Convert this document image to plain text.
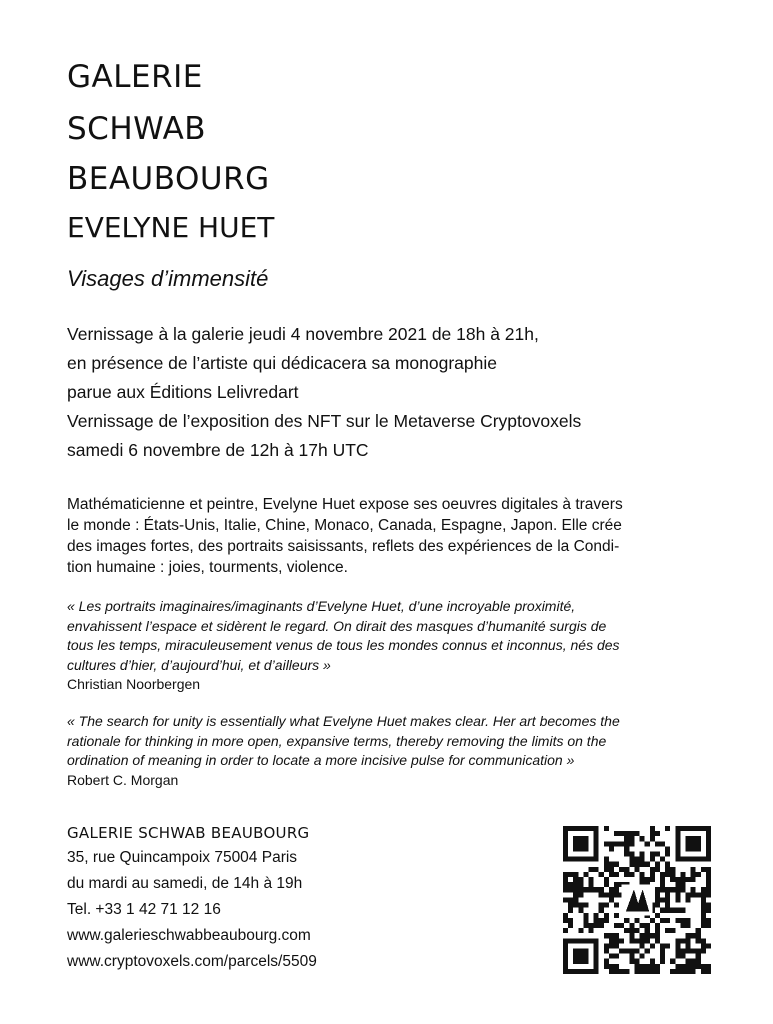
GALERIE
SCHWAB
BEAUBOURG
EVELYNE HUET
Visages d’immensité
Vernissage à la galerie jeudi 4 novembre 2021 de 18h à 21h,
en présence de l’artiste qui dédicacera sa monographie
parue aux Éditions Lelivredart
Vernissage de l’exposition des NFT sur le Metaverse Cryptovoxels
samedi 6 novembre de 12h à 17h UTC
Mathématicienne et peintre, Evelyne Huet expose ses oeuvres digitales à travers
le monde : États-Unis, Italie, Chine, Monaco, Canada, Espagne, Japon. Elle crée
des images fortes, des portraits saisissants, reflets des expériences de la Condi-
tion humaine : joies, tourments, violence.
« Les portraits imaginaires/imaginants d’Evelyne Huet, d’une incroyable proximité,
envahissent l’espace et sidèrent le regard. On dirait des masques d’humanité surgis de
tous les temps, miraculeusement venus de tous les mondes connus et inconnus, nés des
cultures d’hier, d’aujourd’hui, et d’ailleurs »
Christian Noorbergen
« The search for unity is essentially what Evelyne Huet makes clear. Her art becomes the
rationale for thinking in more open, expansive terms, thereby removing the limits on the
ordination of meaning in order to locate a more incisive pulse for communication »
Robert C. Morgan
GALERIE SCHWAB BEAUBOURG
35, rue Quincampoix 75004 Paris
du mardi au samedi, de 14h à 19h
Tel. +33 1 42 71 12 16
www.galerieschwabbeaubourg.com
www.cryptovoxels.com/parcels/5509
